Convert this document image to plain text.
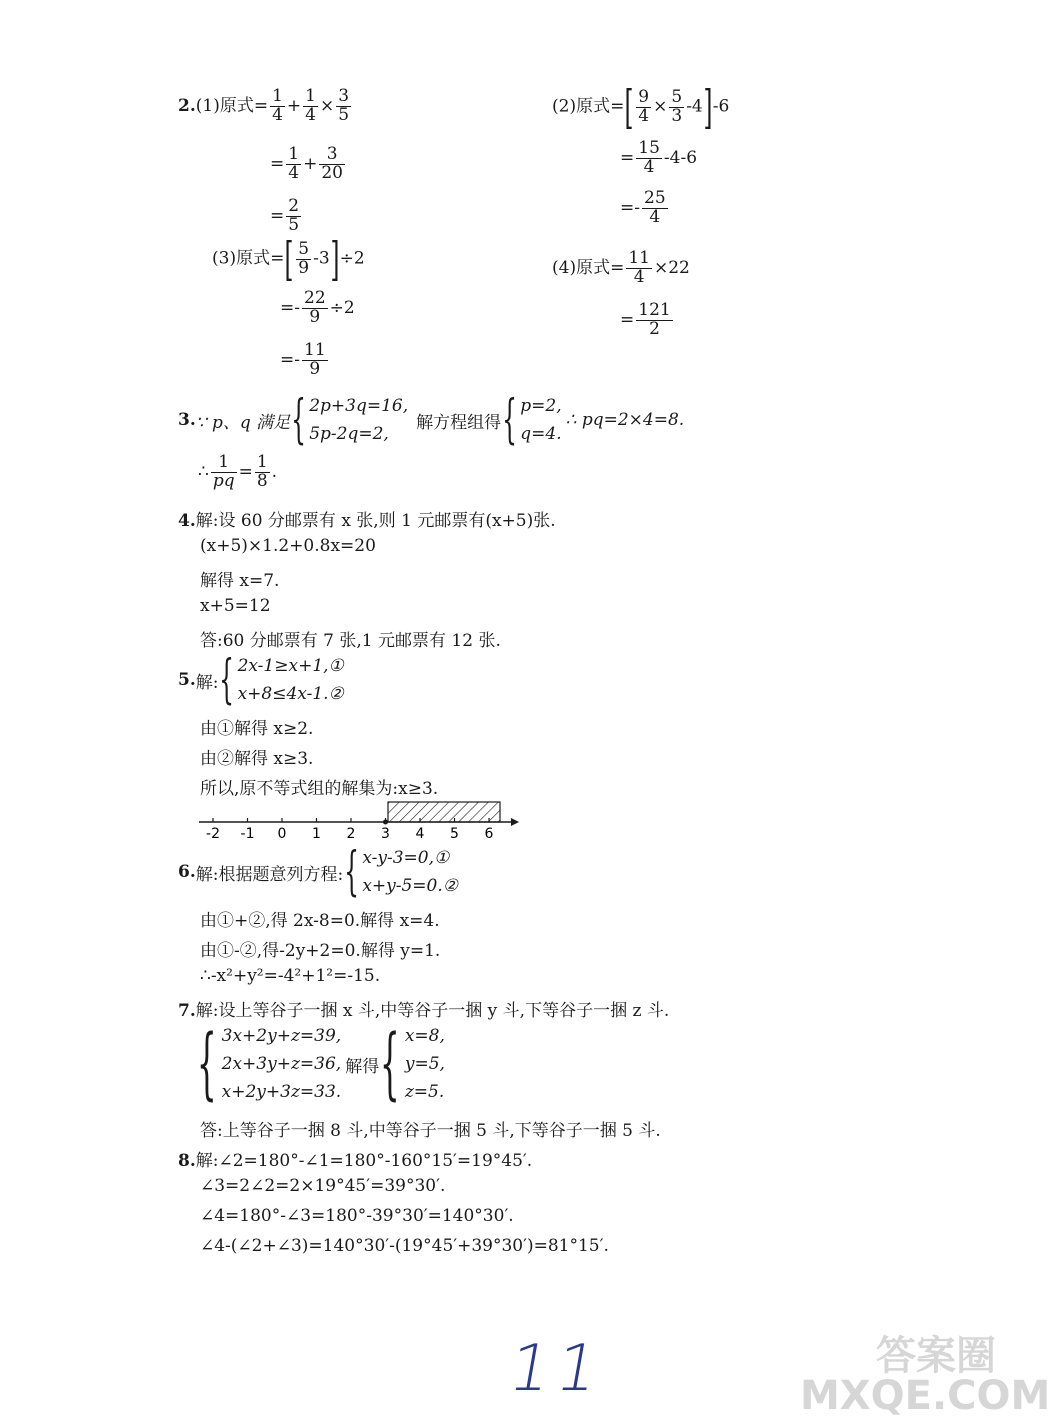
2.(1)原式= $\frac{1}{4} + \frac{1}{4} \times \frac{3}{5}$
= $\frac{1}{4} + \frac{3}{20}$
= $\frac{2}{5}$
(2)原式=[ $\frac{9}{4} \times \frac{5}{3} -4]-6$
= $\frac{15}{4} -4-6$
=- $\frac{25}{4}$
(3)原式=[ $\frac{5}{9} -3]\div 2$
=- $\frac{22}{9} \div 2$
=- $\frac{11}{9}$
(4)原式= $\frac{11}{4} \times 22$
= $\frac{121}{2}$
3. ∵ p、q 满足 { 2p+3q=16,
5p-2q=2,
解方程组得 { p=2,
q=4.
∴ pq=2×4=8.
∴ $\frac{1}{pq} = \frac{1}{8}$ .
4.解:设 60 分邮票有 x 张,则 1 元邮票有(x+5)张.
(x+5)×1.2+0.8x=20
解得 x=7.
x+5=12
答:60 分邮票有 7 张,1 元邮票有 12 张.
5. 解: { 2x-1≥x+1,①
x+8≤4x-1.②
由①解得 x≥2.
由②解得 x≥3.
所以,原不等式组的解集为:x≥3.
-2 -1 0 1 2 3 4 5 6
6. 解:根据题意列方程: { x-y-3=0,①
x+y-5=0.②
由①+②,得 2x-8=0.解得 x=4.
由①-②,得-2y+2=0.解得 y=1.
∴-x²+y²=-4²+1²=-15.
7.解:设上等谷子一捆 x 斗,中等谷子一捆 y 斗,下等谷子一捆 z 斗.
{ 3x+2y+z=39,
2x+3y+z=36,
x+2y+3z=33.
解得 { x=8,
y=5,
z=5.
答:上等谷子一捆 8 斗,中等谷子一捆 5 斗,下等谷子一捆 5 斗.
8.解:∠2=180°-∠1=180°-160°15′=19°45′.
∠3=2∠2=2×19°45′=39°30′.
∠4=180°-∠3=180°-39°30′=140°30′.
∠4-(∠2+∠3)=140°30′-(19°45′+39°30′)=81°15′.
11	答案圈 MXQE.COM
